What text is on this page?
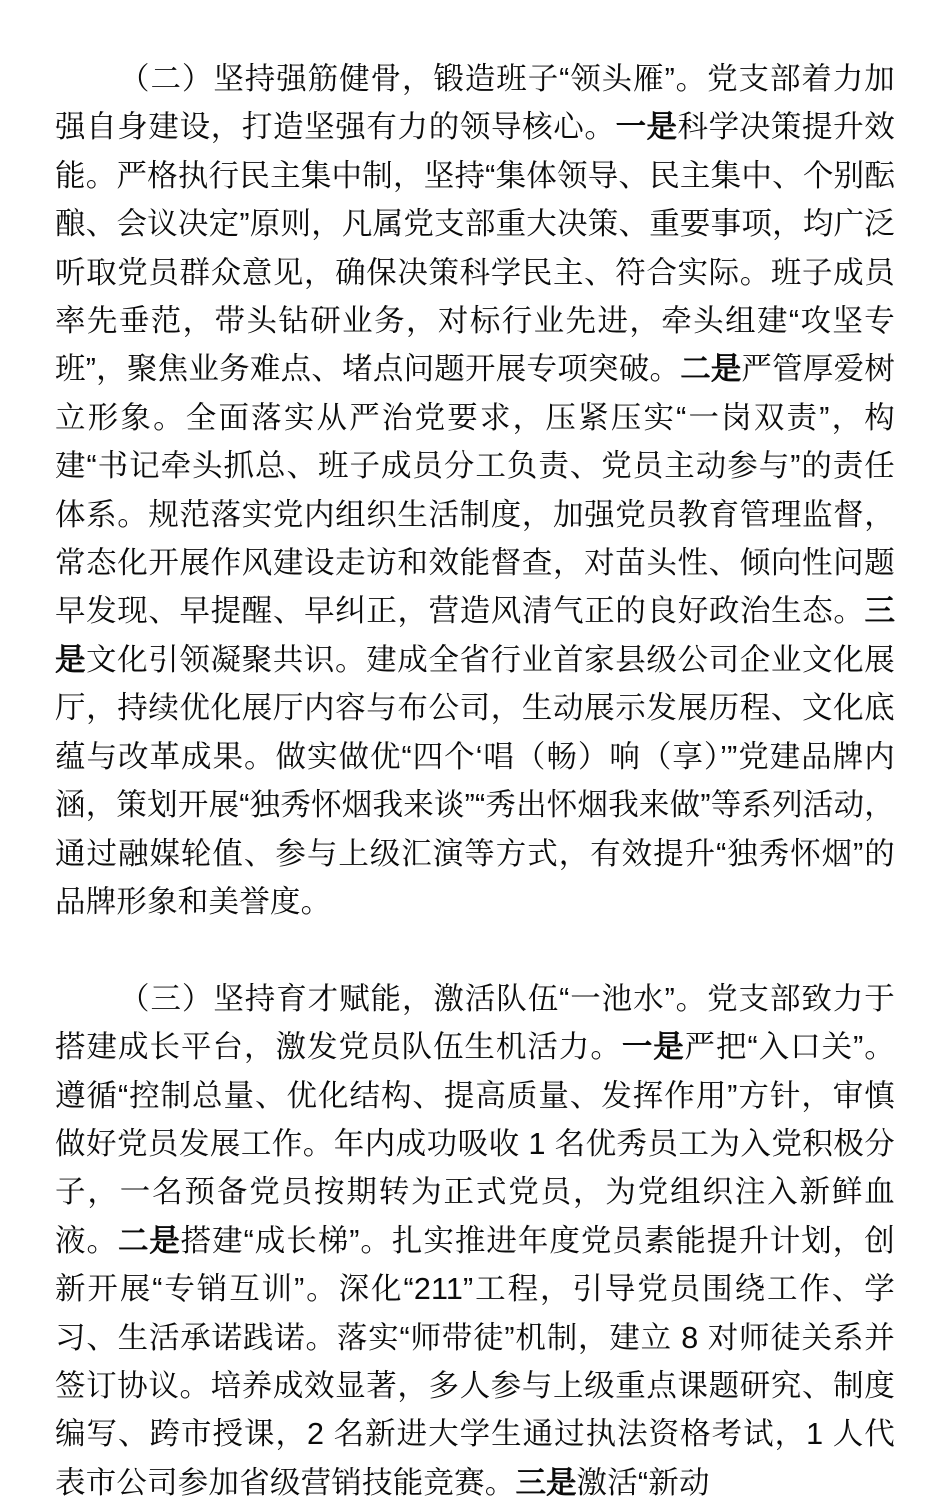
（二）坚持强筋健骨，锻造班子“领头雁”。党支部着力加强自身建设，打造坚强有力的领导核心。一是科学决策提升效能。严格执行民主集中制，坚持“集体领导、民主集中、个别酝酿、会议决定”原则，凡属党支部重大决策、重要事项，均广泛听取党员群众意见，确保决策科学民主、符合实际。班子成员率先垂范，带头钻研业务，对标行业先进，牵头组建“攻坚专班”，聚焦业务难点、堵点问题开展专项突破。二是严管厚爱树立形象。全面落实从严治党要求，压紧压实“一岗双责”，构建“书记牵头抓总、班子成员分工负责、党员主动参与”的责任体系。规范落实党内组织生活制度，加强党员教育管理监督，常态化开展作风建设走访和效能督查，对苗头性、倾向性问题早发现、早提醒、早纠正，营造风清气正的良好政治生态。三是文化引领凝聚共识。建成全省行业首家县级公司企业文化展厅，持续优化展厅内容与布公司，生动展示发展历程、文化底蕴与改革成果。做实做优“四个‘唱（畅）响（享）’”党建品牌内涵，策划开展“独秀怀烟我来谈”“秀出怀烟我来做”等系列活动，通过融媒轮值、参与上级汇演等方式，有效提升“独秀怀烟”的品牌形象和美誉度。

（三）坚持育才赋能，激活队伍“一池水”。党支部致力于搭建成长平台，激发党员队伍生机活力。一是严把“入口关”。遵循“控制总量、优化结构、提高质量、发挥作用”方针，审慎做好党员发展工作。年内成功吸收 1 名优秀员工为入党积极分子，一名预备党员按期转为正式党员，为党组织注入新鲜血液。二是搭建“成长梯”。扎实推进年度党员素能提升计划，创新开展“专销互训”。深化“211”工程，引导党员围绕工作、学习、生活承诺践诺。落实“师带徒”机制，建立 8 对师徒关系并签订协议。培养成效显著，多人参与上级重点课题研究、制度编写、跨市授课，2 名新进大学生通过执法资格考试，1 人代表市公司参加省级营销技能竞赛。三是激活“新动
